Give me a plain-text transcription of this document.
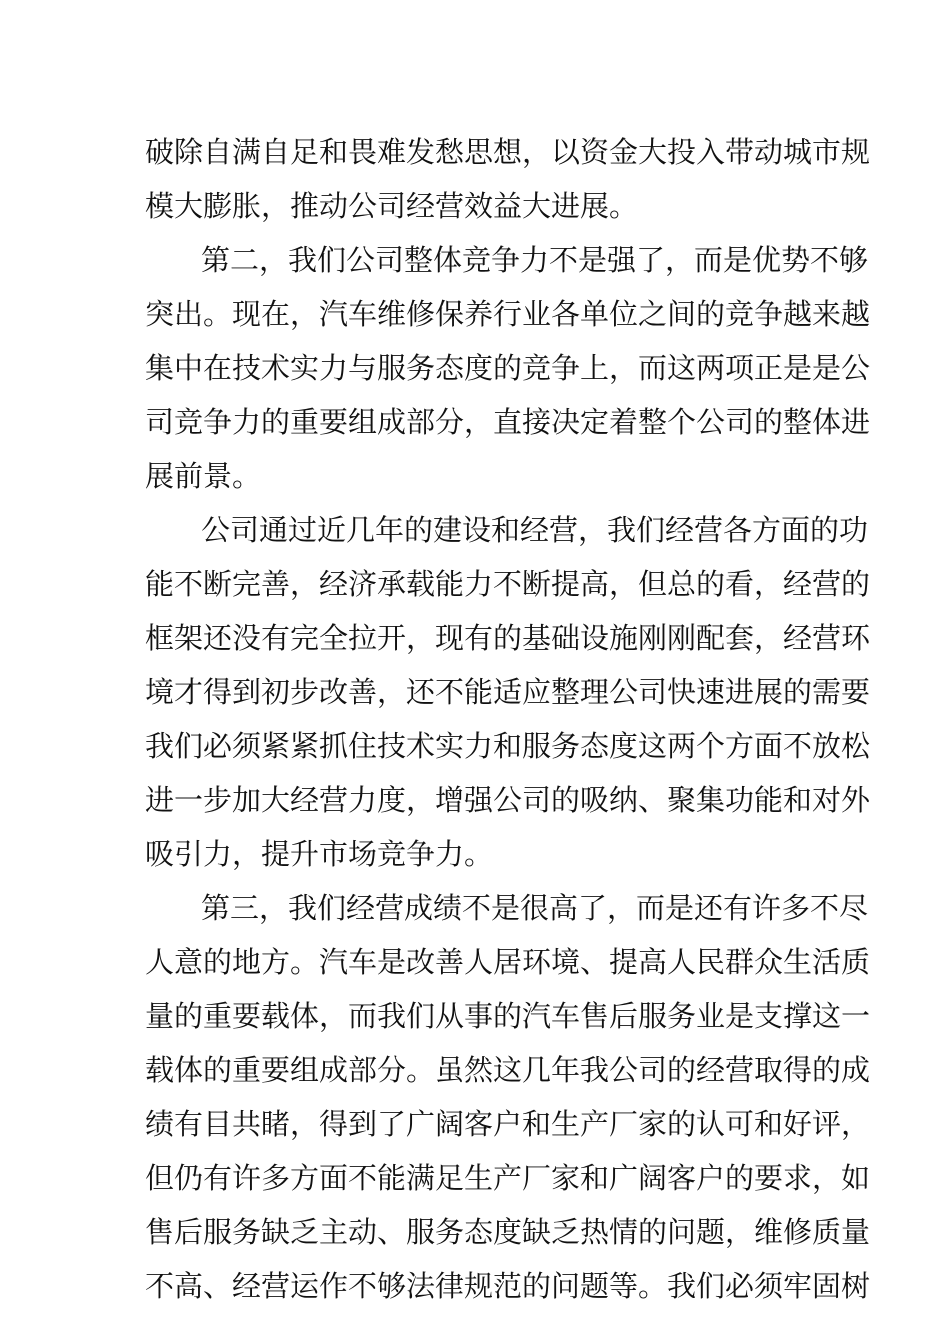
破除自满自足和畏难发愁思想，以资金大投入带动城市规
模大膨胀，推动公司经营效益大进展。
第二，我们公司整体竞争力不是强了，而是优势不够
突出。现在，汽车维修保养行业各单位之间的竞争越来越
集中在技术实力与服务态度的竞争上，而这两项正是是公
司竞争力的重要组成部分，直接决定着整个公司的整体进
展前景。
公司通过近几年的建设和经营，我们经营各方面的功
能不断完善，经济承载能力不断提高，但总的看，经营的
框架还没有完全拉开，现有的基础设施刚刚配套，经营环
境才得到初步改善，还不能适应整理公司快速进展的需要
我们必须紧紧抓住技术实力和服务态度这两个方面不放松
进一步加大经营力度，增强公司的吸纳、聚集功能和对外
吸引力，提升市场竞争力。
第三，我们经营成绩不是很高了，而是还有许多不尽
人意的地方。汽车是改善人居环境、提高人民群众生活质
量的重要载体，而我们从事的汽车售后服务业是支撑这一
载体的重要组成部分。虽然这几年我公司的经营取得的成
绩有目共睹，得到了广阔客户和生产厂家的认可和好评，
但仍有许多方面不能满足生产厂家和广阔客户的要求，如
售后服务缺乏主动、服务态度缺乏热情的问题，维修质量
不高、经营运作不够法律规范的问题等。我们必须牢固树
